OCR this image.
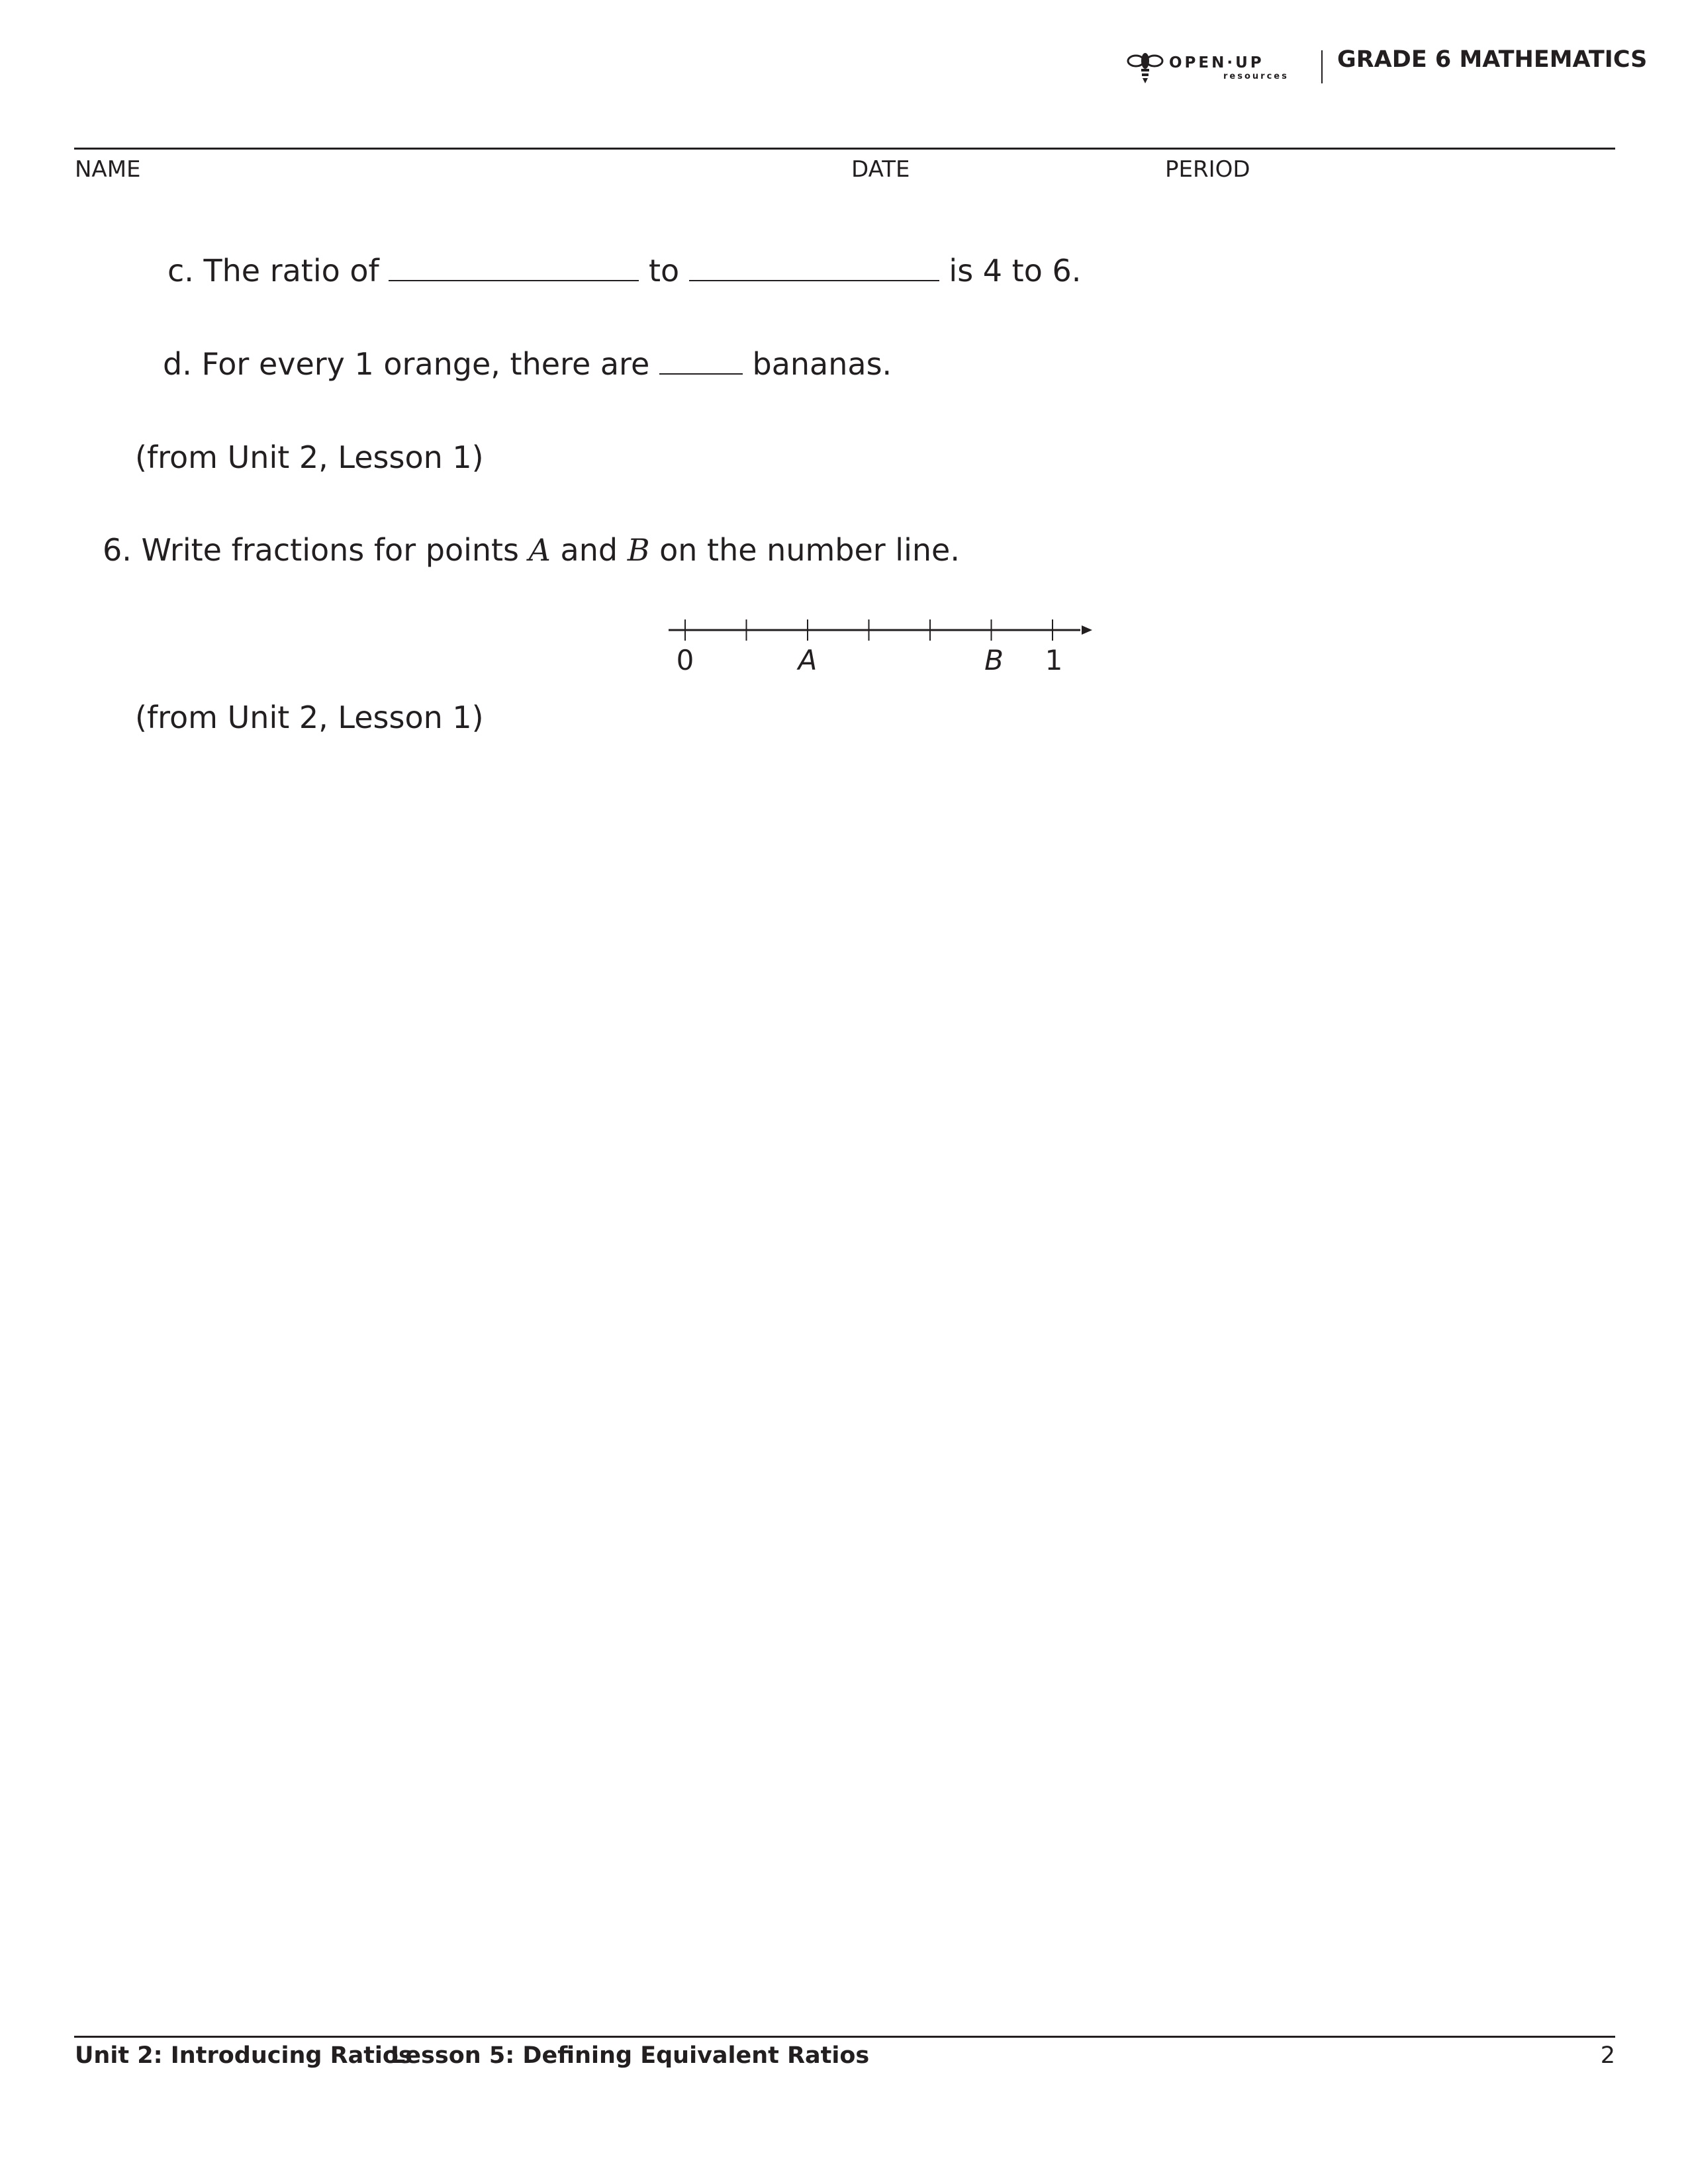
OPEN·UP
resources
GRADE 6 MATHEMATICS
NAME	DATE	PERIOD
c. The ratio of	to	is 4 to 6.
d. For every 1 orange, there are	bananas.
(from Unit 2, Lesson 1)
6. Write fractions for points A and B on the number line.
0	A	B 1
(from Unit 2, Lesson 1)
Unit 2: Introducing Ratios
Lesson 5: Defining Equivalent Ratios	2
